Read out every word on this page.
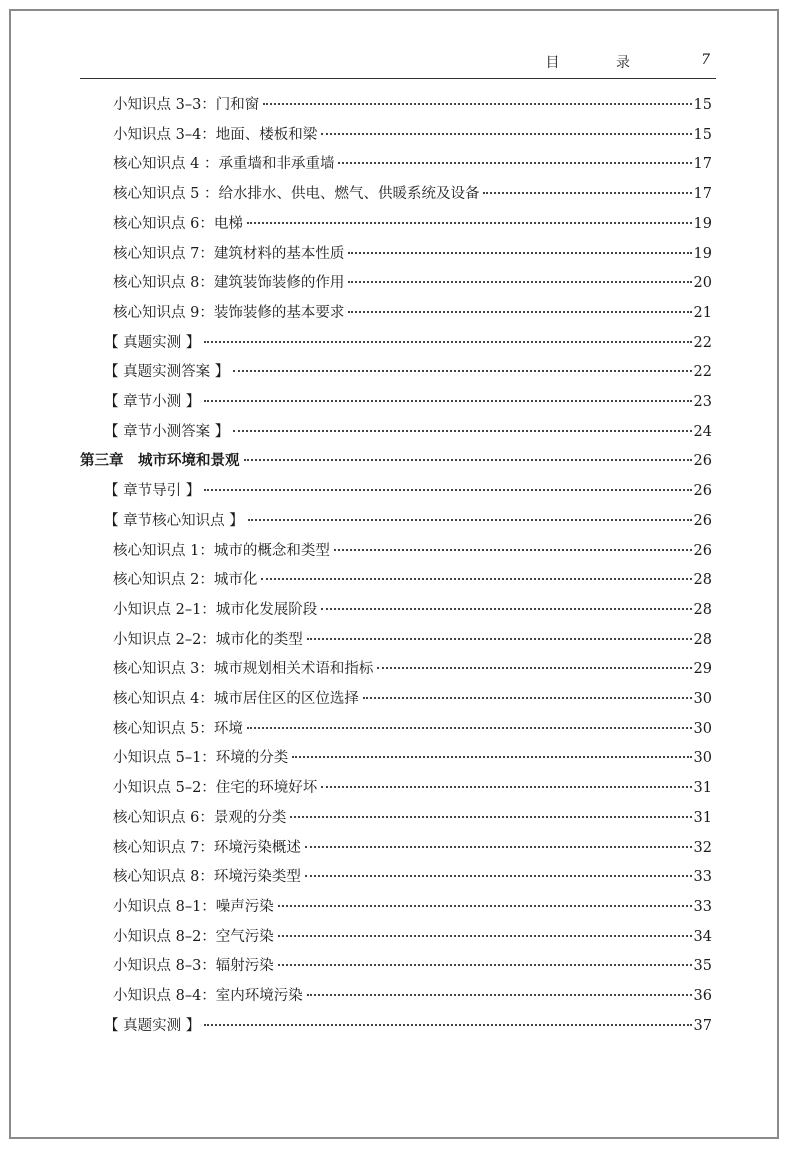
目 录	7
小知识点 3–3：门和窗	15
小知识点 3–4：地面、楼板和梁	15
核心知识点 4 ：承重墙和非承重墙	17
核心知识点 5 ：给水排水、供电、燃气、供暖系统及设备	17
核心知识点 6：电梯	19
核心知识点 7：建筑材料的基本性质	19
核心知识点 8：建筑装饰装修的作用	20
核心知识点 9：装饰装修的基本要求	21
【 真题实测 】	22
【 真题实测答案 】	22
【 章节小测 】	23
【 章节小测答案 】	24
第三章　城市环境和景观	26
【 章节导引 】	26
【 章节核心知识点 】	26
核心知识点 1：城市的概念和类型	26
核心知识点 2：城市化	28
小知识点 2–1：城市化发展阶段	28
小知识点 2–2：城市化的类型	28
核心知识点 3：城市规划相关术语和指标	29
核心知识点 4：城市居住区的区位选择	30
核心知识点 5：环境	30
小知识点 5–1：环境的分类	30
小知识点 5–2：住宅的环境好坏	31
核心知识点 6：景观的分类	31
核心知识点 7：环境污染概述	32
核心知识点 8：环境污染类型	33
小知识点 8–1：噪声污染	33
小知识点 8–2：空气污染	34
小知识点 8–3：辐射污染	35
小知识点 8–4：室内环境污染	36
【 真题实测 】	37
